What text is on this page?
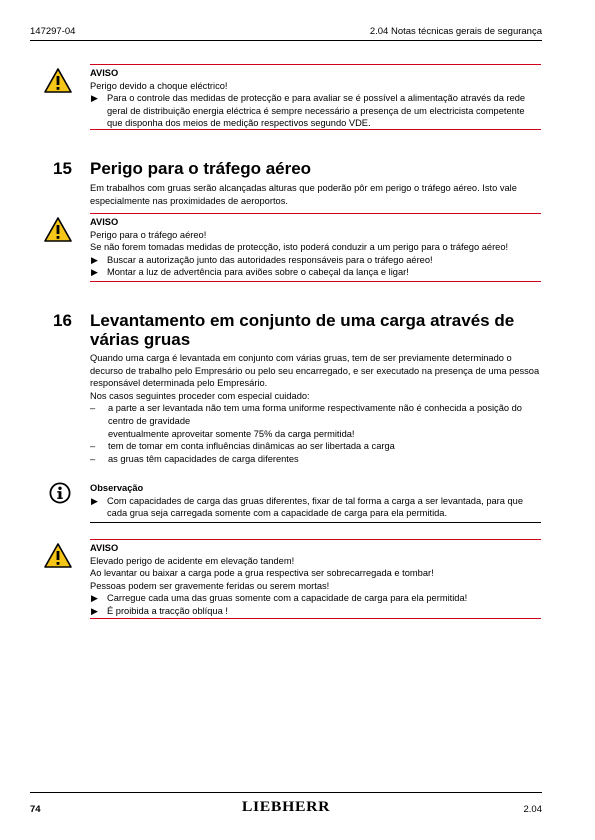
147297-04	2.04 Notas técnicas gerais de segurança
AVISO
Perigo devido a choque eléctrico!
▶ Para o controle das medidas de protecção e para avaliar se é possível a alimentação através da rede geral de distribuição energia eléctrica é sempre necessário a presença de um electricista competente que disponha dos meios de medição respectivos segundo VDE.
15 Perigo para o tráfego aéreo
Em trabalhos com gruas serão alcançadas alturas que poderão pôr em perigo o tráfego aéreo. Isto vale especialmente nas proximidades de aeroportos.
AVISO
Perigo para o tráfego aéreo!
Se não forem tomadas medidas de protecção, isto poderá conduzir a um perigo para o tráfego aéreo!
▶ Buscar a autorização junto das autoridades responsáveis para o tráfego aéreo!
▶ Montar a luz de advertência para aviões sobre o cabeçal da lança e ligar!
16 Levantamento em conjunto de uma carga através de várias gruas
Quando uma carga é levantada em conjunto com várias gruas, tem de ser previamente determinado o decurso de trabalho pelo Empresário ou pelo seu encarregado, e ser executado na presença de uma pessoa responsável determinada pelo Empresário.
Nos casos seguintes proceder com especial cuidado:
– a parte a ser levantada não tem uma forma uniforme respectivamente não é conhecida a posição do centro de gravidade
eventualmente aproveitar somente 75% da carga permitida!
– tem de tomar em conta influências dinâmicas ao ser libertada a carga
– as gruas têm capacidades de carga diferentes
Observação
▶ Com capacidades de carga das gruas diferentes, fixar de tal forma a carga a ser levantada, para que cada grua seja carregada somente com a capacidade de carga para ela permitida.
AVISO
Elevado perigo de acidente em elevação tandem!
Ao levantar ou baixar a carga pode a grua respectiva ser sobrecarregada e tombar!
Pessoas podem ser gravemente feridas ou serem mortas!
▶ Carregue cada uma das gruas somente com a capacidade de carga para ela permitida!
▶ É proibida a tracção oblíqua !
74	LIEBHERR	2.04
